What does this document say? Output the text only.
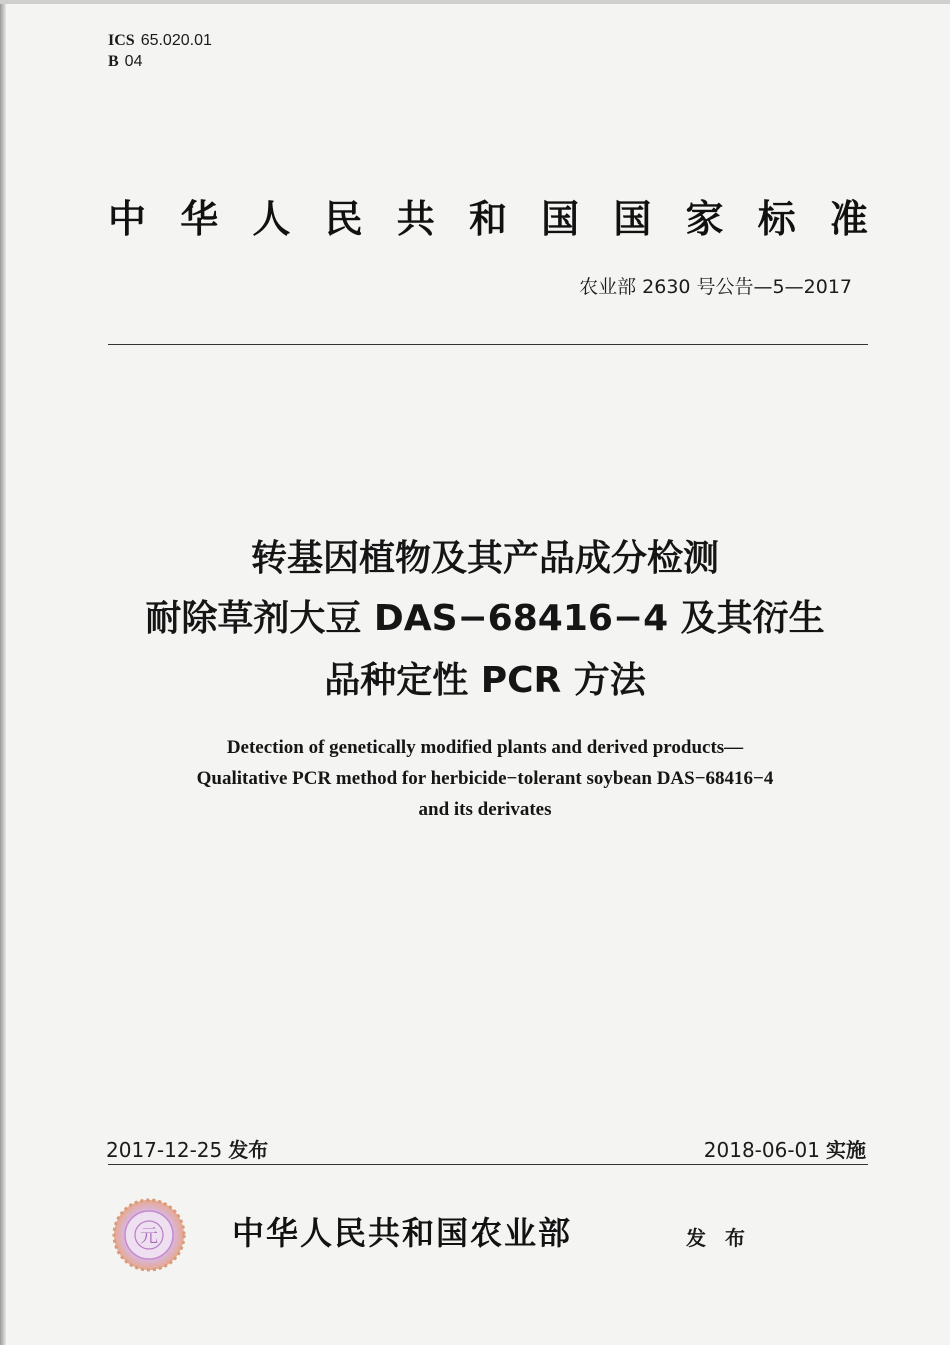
ICS 65.020.01
B 04
中 华 人 民 共 和 国 国 家 标 准
农业部 2630 号公告—5—2017
转基因植物及其产品成分检测
耐除草剂大豆 DAS−68416−4 及其衍生
品种定性 PCR 方法
Detection of genetically modified plants and derived products—
Qualitative PCR method for herbicide−tolerant soybean DAS−68416−4
and its derivates
2017-12-25 发布	2018-06-01 实施
元 中华人民共和国农业部	发 布
